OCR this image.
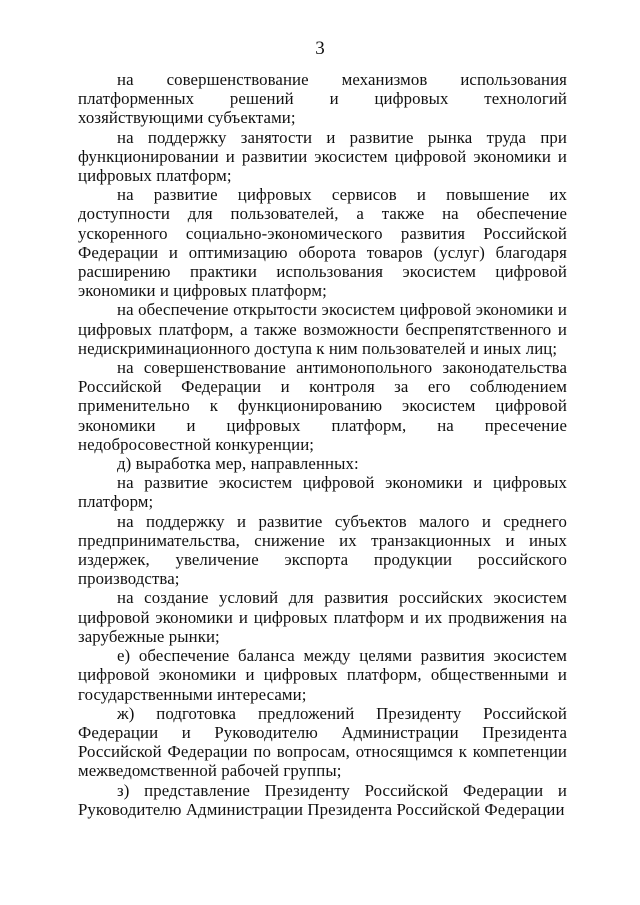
3

на совершенствование механизмов использования платформенных решений и цифровых технологий хозяйствующими субъектами;

на поддержку занятости и развитие рынка труда при функционировании и развитии экосистем цифровой экономики и цифровых платформ;

на развитие цифровых сервисов и повышение их доступности для пользователей, а также на обеспечение ускоренного социально-экономического развития Российской Федерации и оптимизацию оборота товаров (услуг) благодаря расширению практики использования экосистем цифровой экономики и цифровых платформ;

на обеспечение открытости экосистем цифровой экономики и цифровых платформ, а также возможности беспрепятственного и недискриминационного доступа к ним пользователей и иных лиц;

на совершенствование антимонопольного законодательства Российской Федерации и контроля за его соблюдением применительно к функционированию экосистем цифровой экономики и цифровых платформ, на пресечение недобросовестной конкуренции;

д) выработка мер, направленных:

на развитие экосистем цифровой экономики и цифровых платформ;

на поддержку и развитие субъектов малого и среднего предпринимательства, снижение их транзакционных и иных издержек, увеличение экспорта продукции российского производства;

на создание условий для развития российских экосистем цифровой экономики и цифровых платформ и их продвижения на зарубежные рынки;

е) обеспечение баланса между целями развития экосистем цифровой экономики и цифровых платформ, общественными и государственными интересами;

ж) подготовка предложений Президенту Российской Федерации и Руководителю Администрации Президента Российской Федерации по вопросам, относящимся к компетенции межведомственной рабочей группы;

з) представление Президенту Российской Федерации и Руководителю Администрации Президента Российской Федерации
